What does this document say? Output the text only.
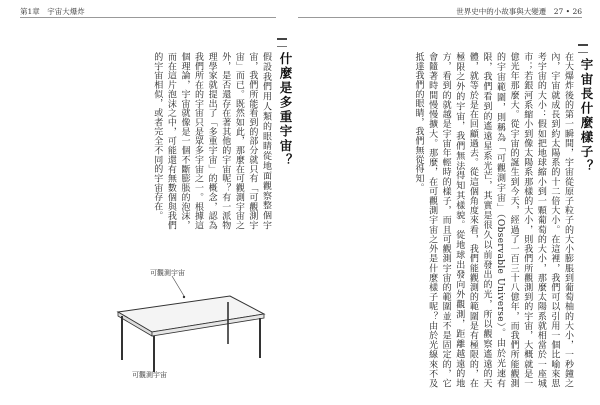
第1章　宇宙大爆炸	世界史中的小故事與大變遷　27 • 26
宇宙長什麼樣子？
在大爆炸後的第一瞬間，宇宙從原子粒子的大小膨脹到葡萄柚的大小，一秒鐘之內，宇宙就成長到約太陽系的十二倍大小。在這裡，我們可以引用一個比喻來思考宇宙的大小：假如把地球縮小到一顆葡萄的大小，那麼太陽系就相當於一座城市；若銀河系縮小到像太陽系那樣的大小，則我們所觀測到的宇宙，大概就是一億光年那麼大。從宇宙的誕生到今天，經過了一百三十八億年，而我們所能觀測的宇宙範圍，則稱為「可觀測宇宙」（Observable Universe）。由於光速有限，我們看到的遙遠星系光芒，其實是很久以前發出的光，所以觀察遙遠的天體，就等於是在回顧過去。從這個角度來看，我們能觀測的範圍是有極限的，在極限之外的宇宙，我們無法得知其樣貌。從地球出發向外觀測，距離越遠的地方，看到的就越是宇宙年輕時的樣子，而且可觀測宇宙的範圍並不是固定的，它會隨著時間慢慢擴大。那麼，在可觀測宇宙之外是什麼樣子呢？由於光線來不及抵達我們的眼睛，我們無從得知。
什麼是多重宇宙？
假設我們用人類的眼睛從地面觀察整個宇宙，我們所能看到的部分就只有「可觀測宇宙」而已。既然如此，那麼在可觀測宇宙之外，是否還存在著其他的宇宙呢？有一派物理學家就提出了「多重宇宙」的概念，認為我們所在的宇宙只是眾多宇宙之一。根據這個理論，宇宙就像是一個不斷膨脹的泡沫，而在這片泡沫之中，可能還有無數個與我們的宇宙相似，或者完全不同的宇宙存在。
可觀測宇宙
可觀測宇宙
